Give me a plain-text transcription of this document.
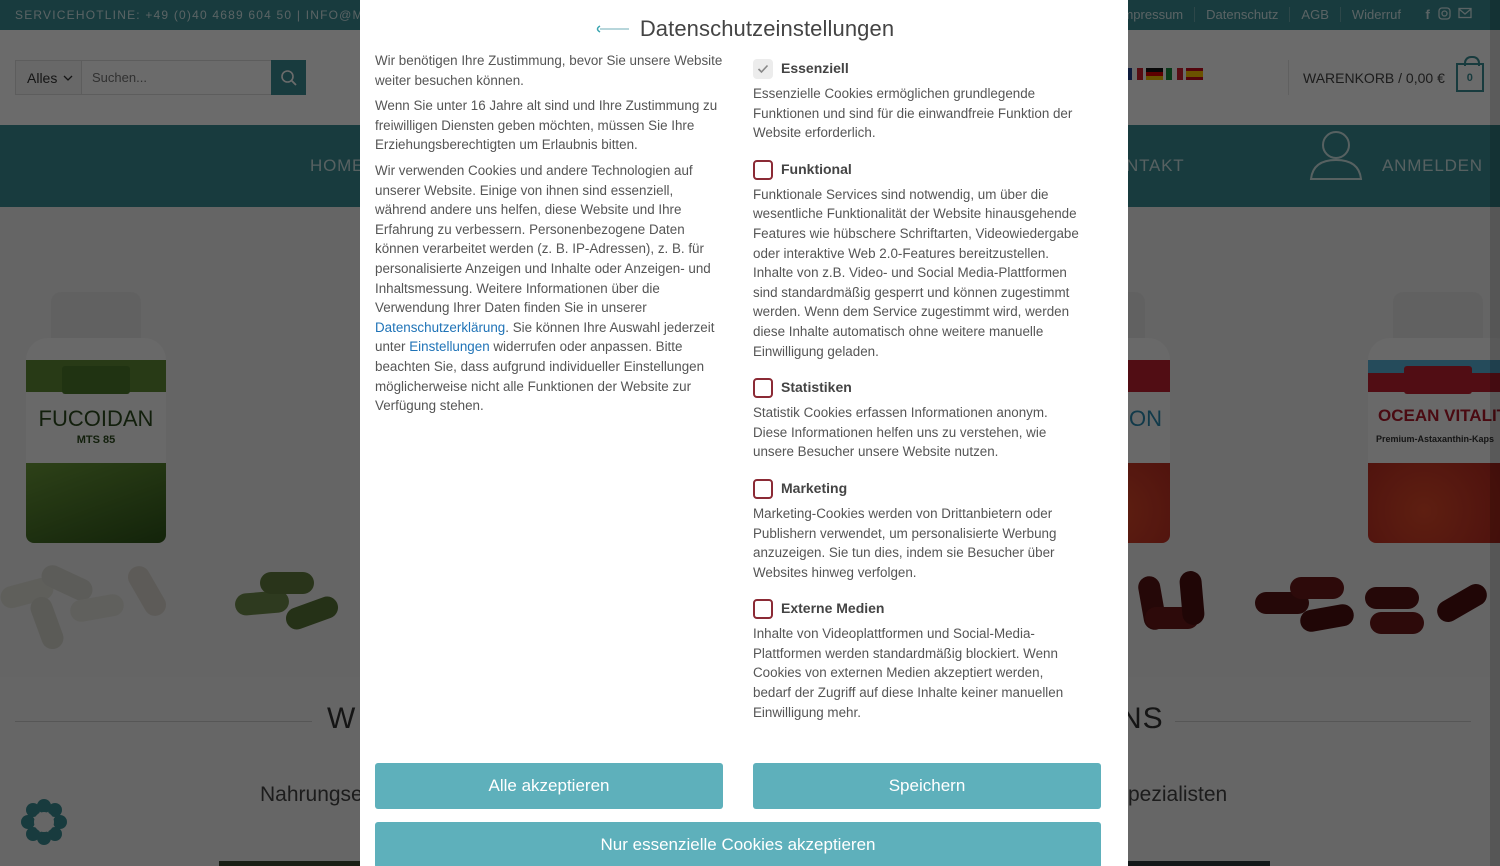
Suchen...
Datenschutzeinstellungen

Wir benötigen Ihre Zustimmung, bevor Sie unsere Website weiter besuchen können.

Wenn Sie unter 16 Jahre alt sind und Ihre Zustimmung zu freiwilligen Diensten geben möchten, müssen Sie Ihre Erziehungsberechtigten um Erlaubnis bitten.

Wir verwenden Cookies und andere Technologien auf unserer Website. Einige von ihnen sind essenziell, während andere uns helfen, diese Website und Ihre Erfahrung zu verbessern. Personenbezogene Daten können verarbeitet werden (z. B. IP-Adressen), z. B. für personalisierte Anzeigen und Inhalte oder Anzeigen- und Inhaltsmessung. Weitere Informationen über die Verwendung Ihrer Daten finden Sie in unserer Datenschutzerklärung. Sie können Ihre Auswahl jederzeit unter Einstellungen widerrufen oder anpassen. Bitte beachten Sie, dass aufgrund individueller Einstellungen möglicherweise nicht alle Funktionen der Website zur Verfügung stehen.

Essenziell
Essenzielle Cookies ermöglichen grundlegende Funktionen und sind für die einwandfreie Funktion der Website erforderlich.
Funktional
Funktionale Services sind notwendig, um über die wesentliche Funktionalität der Website hinausgehende Features wie hübschere Schriftarten, Videowiedergabe oder interaktive Web 2.0-Features bereitzustellen. Inhalte von z.B. Video- und Social Media-Plattformen sind standardmäßig gesperrt und können zugestimmt werden. Wenn dem Service zugestimmt wird, werden diese Inhalte automatisch ohne weitere manuelle Einwilligung geladen.
Statistiken
Statistik Cookies erfassen Informationen anonym. Diese Informationen helfen uns zu verstehen, wie unsere Besucher unsere Website nutzen.
Marketing
Marketing-Cookies werden von Drittanbietern oder Publishern verwendet, um personalisierte Werbung anzuzeigen. Sie tun dies, indem sie Besucher über Websites hinweg verfolgen.
Externe Medien
Inhalte von Videoplattformen und Social-Media-Plattformen werden standardmäßig blockiert. Wenn Cookies von externen Medien akzeptiert werden, bedarf der Zugriff auf diese Inhalte keiner manuellen Einwilligung mehr.
Alle akzeptieren	Speichern
Nur essenzielle Cookies akzeptieren
